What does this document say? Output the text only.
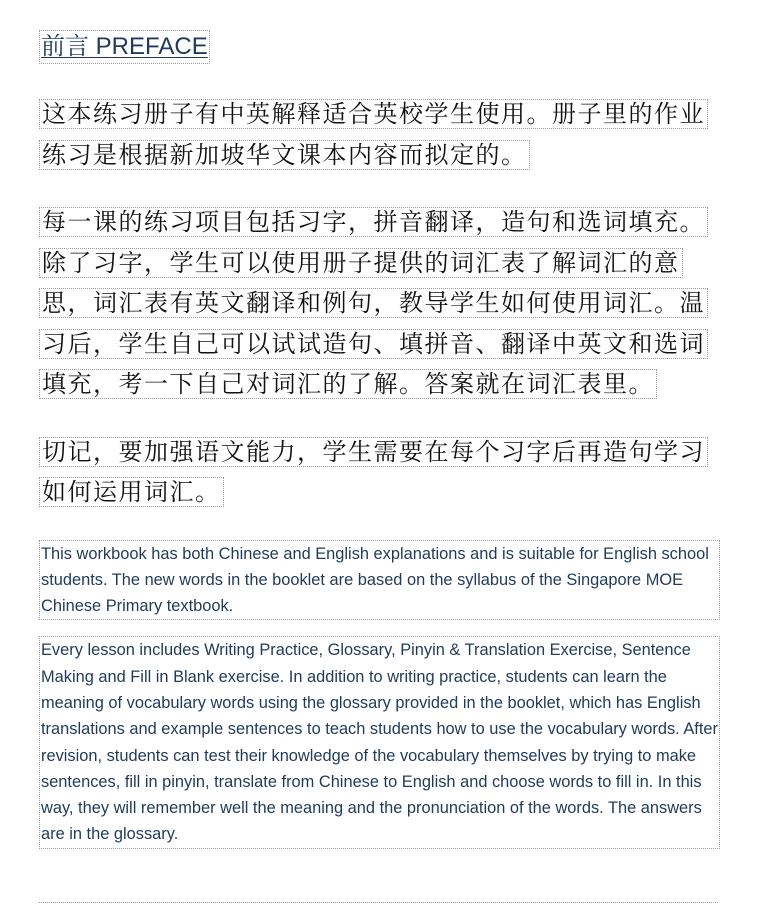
前言 PREFACE

这本练习册子有中英解释适合英校学生使用。册子里的作业练习是根据新加坡华文课本内容而拟定的。

每一课的练习项目包括习字，拼音翻译，造句和选词填充。 除了习字，学生可以使用册子提供的词汇表了解词汇的意思，词汇表有英文翻译和例句，教导学生如何使用词汇。温习后，学生自己可以试试造句、填拼音、翻译中英文和选词填充，考一下自己对词汇的了解。答案就在词汇表里。

切记，要加强语文能力，学生需要在每个习字后再造句学习如何运用词汇。

This workbook has both Chinese and English explanations and is suitable for English school students. The new words in the booklet are based on the syllabus of the Singapore MOE Chinese Primary textbook.
Every lesson includes Writing Practice, Glossary, Pinyin & Translation Exercise, Sentence Making and Fill in Blank exercise. In addition to writing practice, students can learn the meaning of vocabulary words using the glossary provided in the booklet, which has English translations and example sentences to teach students how to use the vocabulary words. After revision, students can test their knowledge of the vocabulary themselves by trying to make sentences, fill in pinyin, translate from Chinese to English and choose words to fill in. In this way, they will remember well the meaning and the pronunciation of the words. The answers are in the glossary.
